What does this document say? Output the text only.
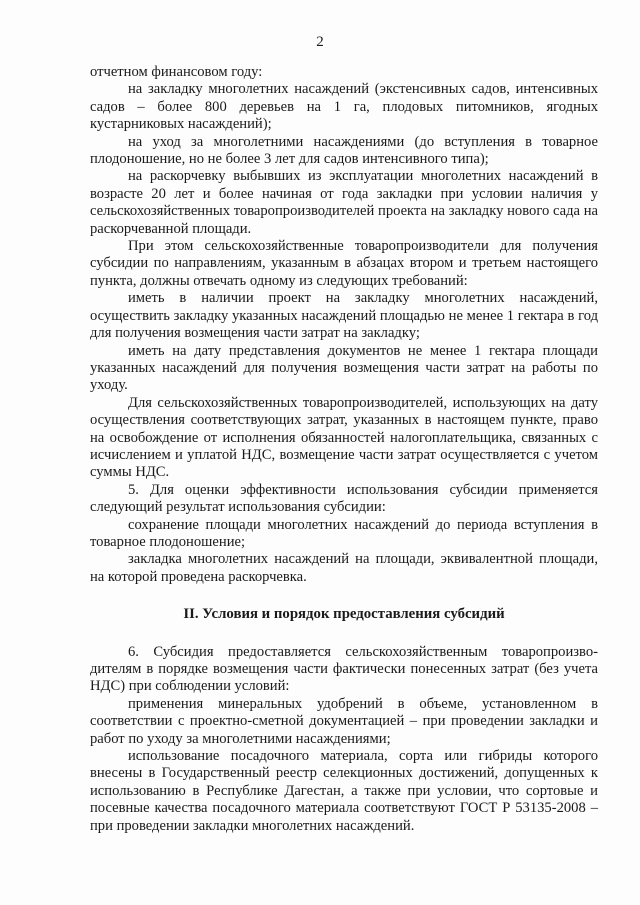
2

отчетном финансовом году:

на закладку многолетних насаждений (экстенсивных садов, интенсивных садов – более 800 деревьев на 1 га, плодовых питомников, ягодных кустарниковых насаждений);

на уход за многолетними насаждениями (до вступления в товарное плодоношение, но не более 3 лет для садов интенсивного типа);

на раскорчевку выбывших из эксплуатации многолетних насаждений в возрасте 20 лет и более начиная от года закладки при условии наличия у сельскохозяйственных товаропроизводителей проекта на закладку нового сада на раскорчеванной площади.

При этом сельскохозяйственные товаропроизводители для получения субсидии по направлениям, указанным в абзацах втором и третьем настоящего пункта, должны отвечать одному из следующих требований:

иметь в наличии проект на закладку многолетних насаждений, осуществить закладку указанных насаждений площадью не менее 1 гектара в год для получения возмещения части затрат на закладку;

иметь на дату представления документов не менее 1 гектара площади указанных насаждений для получения возмещения части затрат на работы по уходу.

Для сельскохозяйственных товаропроизводителей, использующих на дату осуществления соответствующих затрат, указанных в настоящем пункте, право на освобождение от исполнения обязанностей налогоплательщика, связанных с исчислением и уплатой НДС, возмещение части затрат осуществляется с учетом суммы НДС.

5. Для оценки эффективности использования субсидии применяется следующий результат использования субсидии:

сохранение площади многолетних насаждений до периода вступления в товарное плодоношение;

закладка многолетних насаждений на площади, эквивалентной площади, на которой проведена раскорчевка.

II. Условия и порядок предоставления субсидий

6. Субсидия предоставляется сельскохозяйственным товаропроизводителям в порядке возмещения части фактически понесенных затрат (без учета НДС) при соблюдении условий:

применения минеральных удобрений в объеме, установленном в соответствии с проектно-сметной документацией – при проведении закладки и работ по уходу за многолетними насаждениями;

использование посадочного материала, сорта или гибриды которого внесены в Государственный реестр селекционных достижений, допущенных к использованию в Республике Дагестан, а также при условии, что сортовые и посевные качества посадочного материала соответствуют ГОСТ Р 53135-2008 – при проведении закладки многолетних насаждений.
